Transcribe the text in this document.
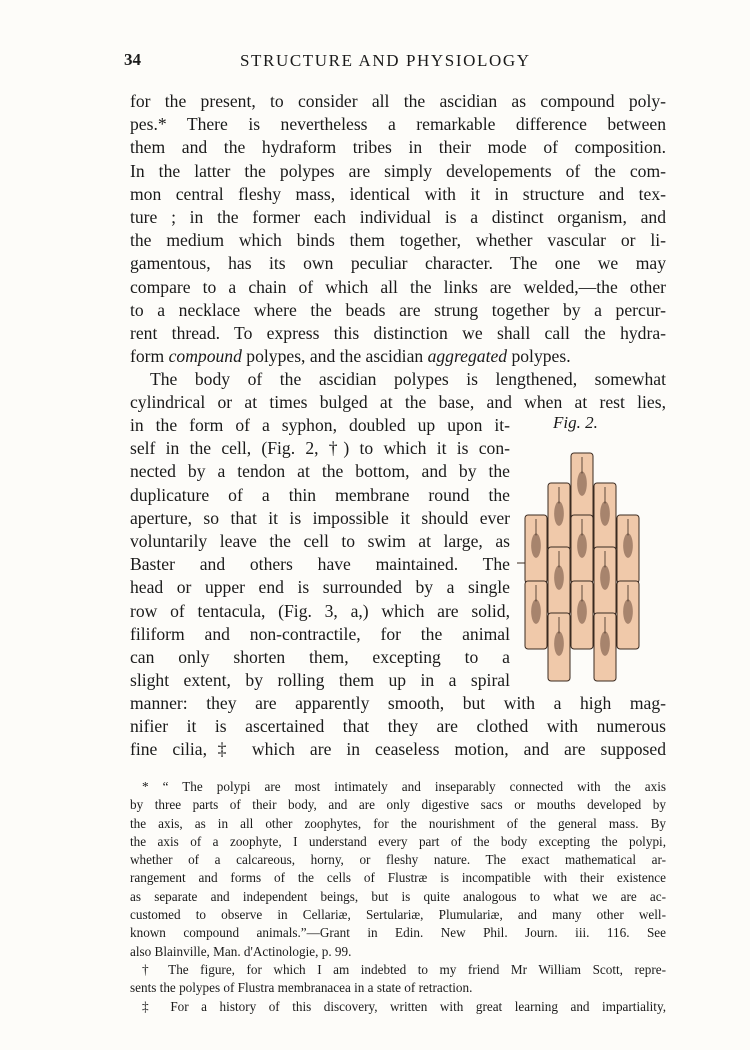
34	STRUCTURE AND PHYSIOLOGY
for the present, to consider all the ascidian as compound poly-
pes.* There is nevertheless a remarkable difference between
them and the hydraform tribes in their mode of composition.
In the latter the polypes are simply developements of the com-
mon central fleshy mass, identical with it in structure and tex-
ture ; in the former each individual is a distinct organism, and
the medium which binds them together, whether vascular or li-
gamentous, has its own peculiar character. The one we may
compare to a chain of which all the links are welded,—the other
to a necklace where the beads are strung together by a percur-
rent thread. To express this distinction we shall call the hydra-
form compound polypes, and the ascidian aggregated polypes.
The body of the ascidian polypes is lengthened, somewhat
cylindrical or at times bulged at the base, and when at rest lies,
in the form of a syphon, doubled up upon it-
self in the cell, (Fig. 2, †) to which it is con-
nected by a tendon at the bottom, and by the
duplicature of a thin membrane round the
aperture, so that it is impossible it should ever
voluntarily leave the cell to swim at large, as
Baster and others have maintained. The
head or upper end is surrounded by a single
row of tentacula, (Fig. 3, a,) which are solid,
filiform and non-contractile, for the animal
can only shorten them, excepting to a
slight extent, by rolling them up in a spiral
manner: they are apparently smooth, but with a high mag-
nifier it is ascertained that they are clothed with numerous
fine cilia,‡ which are in ceaseless motion, and are supposed
Fig. 2.
* “ The polypi are most intimately and inseparably connected with the axis
by three parts of their body, and are only digestive sacs or mouths developed by
the axis, as in all other zoophytes, for the nourishment of the general mass. By
the axis of a zoophyte, I understand every part of the body excepting the polypi,
whether of a calcareous, horny, or fleshy nature. The exact mathematical ar-
rangement and forms of the cells of Flustræ is incompatible with their existence
as separate and independent beings, but is quite analogous to what we are ac-
customed to observe in Cellariæ, Sertulariæ, Plumulariæ, and many other well-
known compound animals.”—Grant in Edin. New Phil. Journ. iii. 116. See
also Blainville, Man. d'Actinologie, p. 99.
† The figure, for which I am indebted to my friend Mr William Scott, repre-
sents the polypes of Flustra membranacea in a state of retraction.
‡ For a history of this discovery, written with great learning and impartiality,
